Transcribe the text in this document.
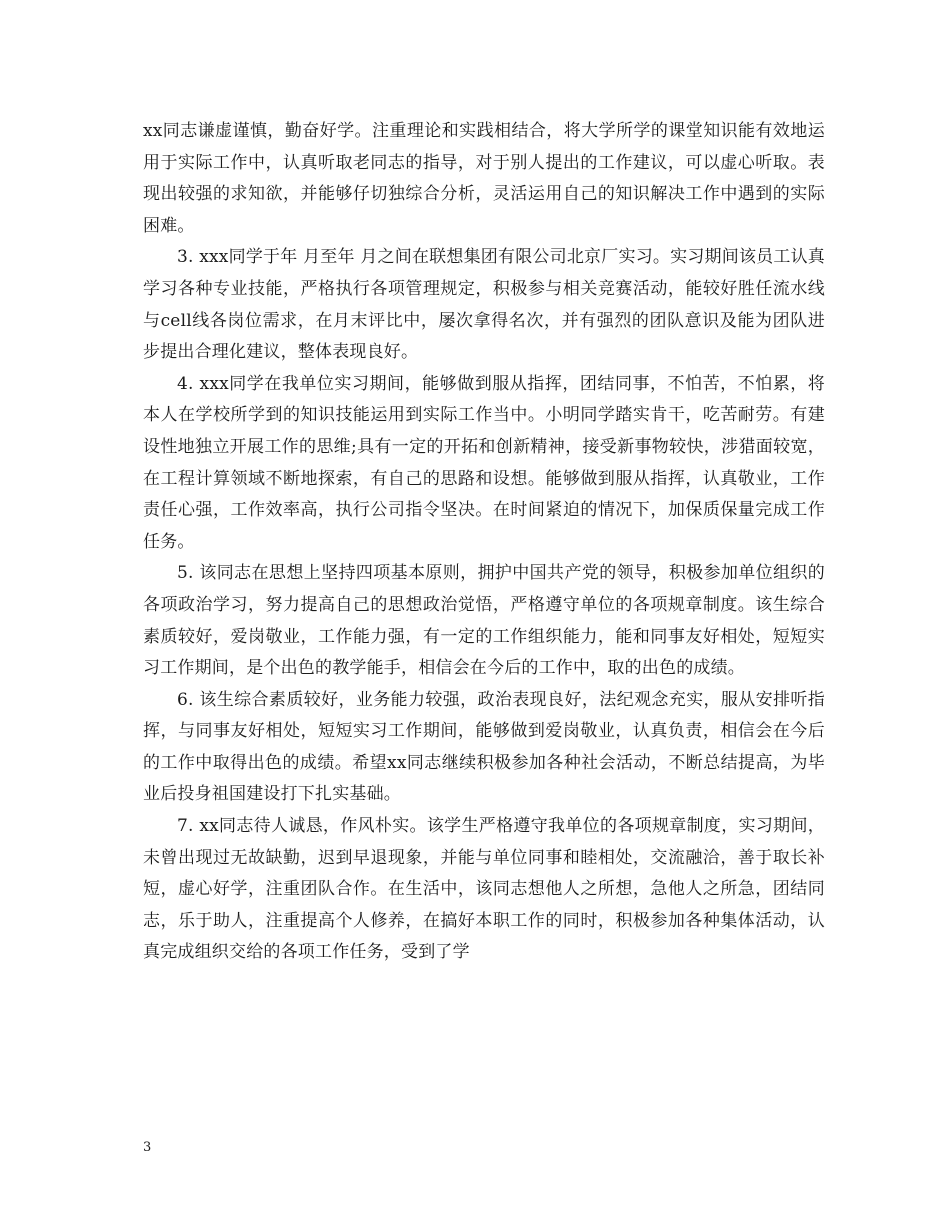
xx同志谦虚谨慎，勤奋好学。注重理论和实践相结合，将大学所学的课堂知识能有效地运用于实际工作中，认真听取老同志的指导，对于别人提出的工作建议，可以虚心听取。表现出较强的求知欲，并能够仔切独综合分析，灵活运用自己的知识解决工作中遇到的实际困难。

3. xxx同学于年 月至年 月之间在联想集团有限公司北京厂实习。实习期间该员工认真学习各种专业技能，严格执行各项管理规定，积极参与相关竞赛活动，能较好胜任流水线与cell线各岗位需求，在月末评比中，屡次拿得名次，并有强烈的团队意识及能为团队进步提出合理化建议，整体表现良好。

4. xxx同学在我单位实习期间，能够做到服从指挥，团结同事，不怕苦，不怕累，将本人在学校所学到的知识技能运用到实际工作当中。小明同学踏实肯干，吃苦耐劳。有建设性地独立开展工作的思维;具有一定的开拓和创新精神，接受新事物较快，涉猎面较宽，在工程计算领域不断地探索，有自己的思路和设想。能够做到服从指挥，认真敬业，工作责任心强，工作效率高，执行公司指令坚决。在时间紧迫的情况下，加保质保量完成工作任务。

5. 该同志在思想上坚持四项基本原则，拥护中国共产党的领导，积极参加单位组织的各项政治学习，努力提高自己的思想政治觉悟，严格遵守单位的各项规章制度。该生综合素质较好，爱岗敬业，工作能力强，有一定的工作组织能力，能和同事友好相处，短短实习工作期间，是个出色的教学能手，相信会在今后的工作中，取的出色的成绩。

6. 该生综合素质较好，业务能力较强，政治表现良好，法纪观念充实，服从安排听指挥，与同事友好相处，短短实习工作期间，能够做到爱岗敬业，认真负责，相信会在今后的工作中取得出色的成绩。希望xx同志继续积极参加各种社会活动，不断总结提高，为毕业后投身祖国建设打下扎实基础。

7. xx同志待人诚恳，作风朴实。该学生严格遵守我单位的各项规章制度，实习期间，未曾出现过无故缺勤，迟到早退现象，并能与单位同事和睦相处，交流融洽，善于取长补短，虚心好学，注重团队合作。在生活中，该同志想他人之所想，急他人之所急，团结同志，乐于助人，注重提高个人修养，在搞好本职工作的同时，积极参加各种集体活动，认真完成组织交给的各项工作任务，受到了学

3
